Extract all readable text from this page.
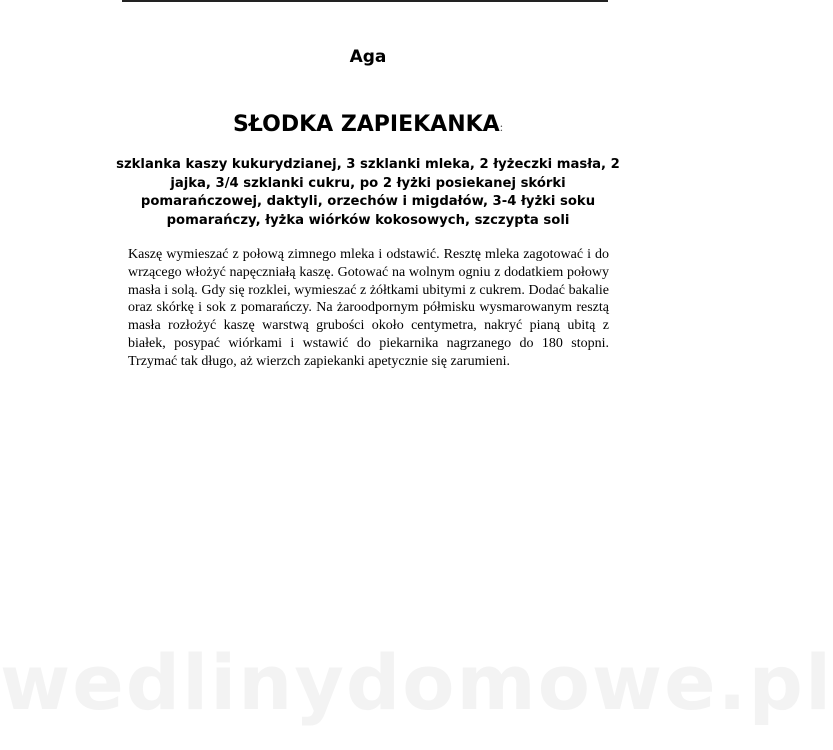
Aga
SŁODKA ZAPIEKANKA:
szklanka kaszy kukurydzianej, 3 szklanki mleka, 2 łyżeczki masła, 2 jajka, 3/4 szklanki cukru, po 2 łyżki posiekanej skórki pomarańczowej, daktyli, orzechów i migdałów, 3-4 łyżki soku pomarańczy, łyżka wiórków kokosowych, szczypta soli
Kaszę wymieszać z połową zimnego mleka i odstawić. Resztę mleka zagotować i do wrzącego włożyć napęczniałą kaszę. Gotować na wolnym ogniu z dodatkiem połowy masła i solą. Gdy się rozklei, wymieszać z żółtkami ubitymi z cukrem. Dodać bakalie oraz skórkę i sok z pomarańczy. Na żaroodpornym półmisku wysmarowanym resztą masła rozłożyć kaszę warstwą grubości około centymetra, nakryć pianą ubitą z białek, posypać wiórkami i wstawić do piekarnika nagrzanego do 180 stopni. Trzymać tak długo, aż wierzch zapiekanki apetycznie się zarumieni.
wedlinydomowe.pl
